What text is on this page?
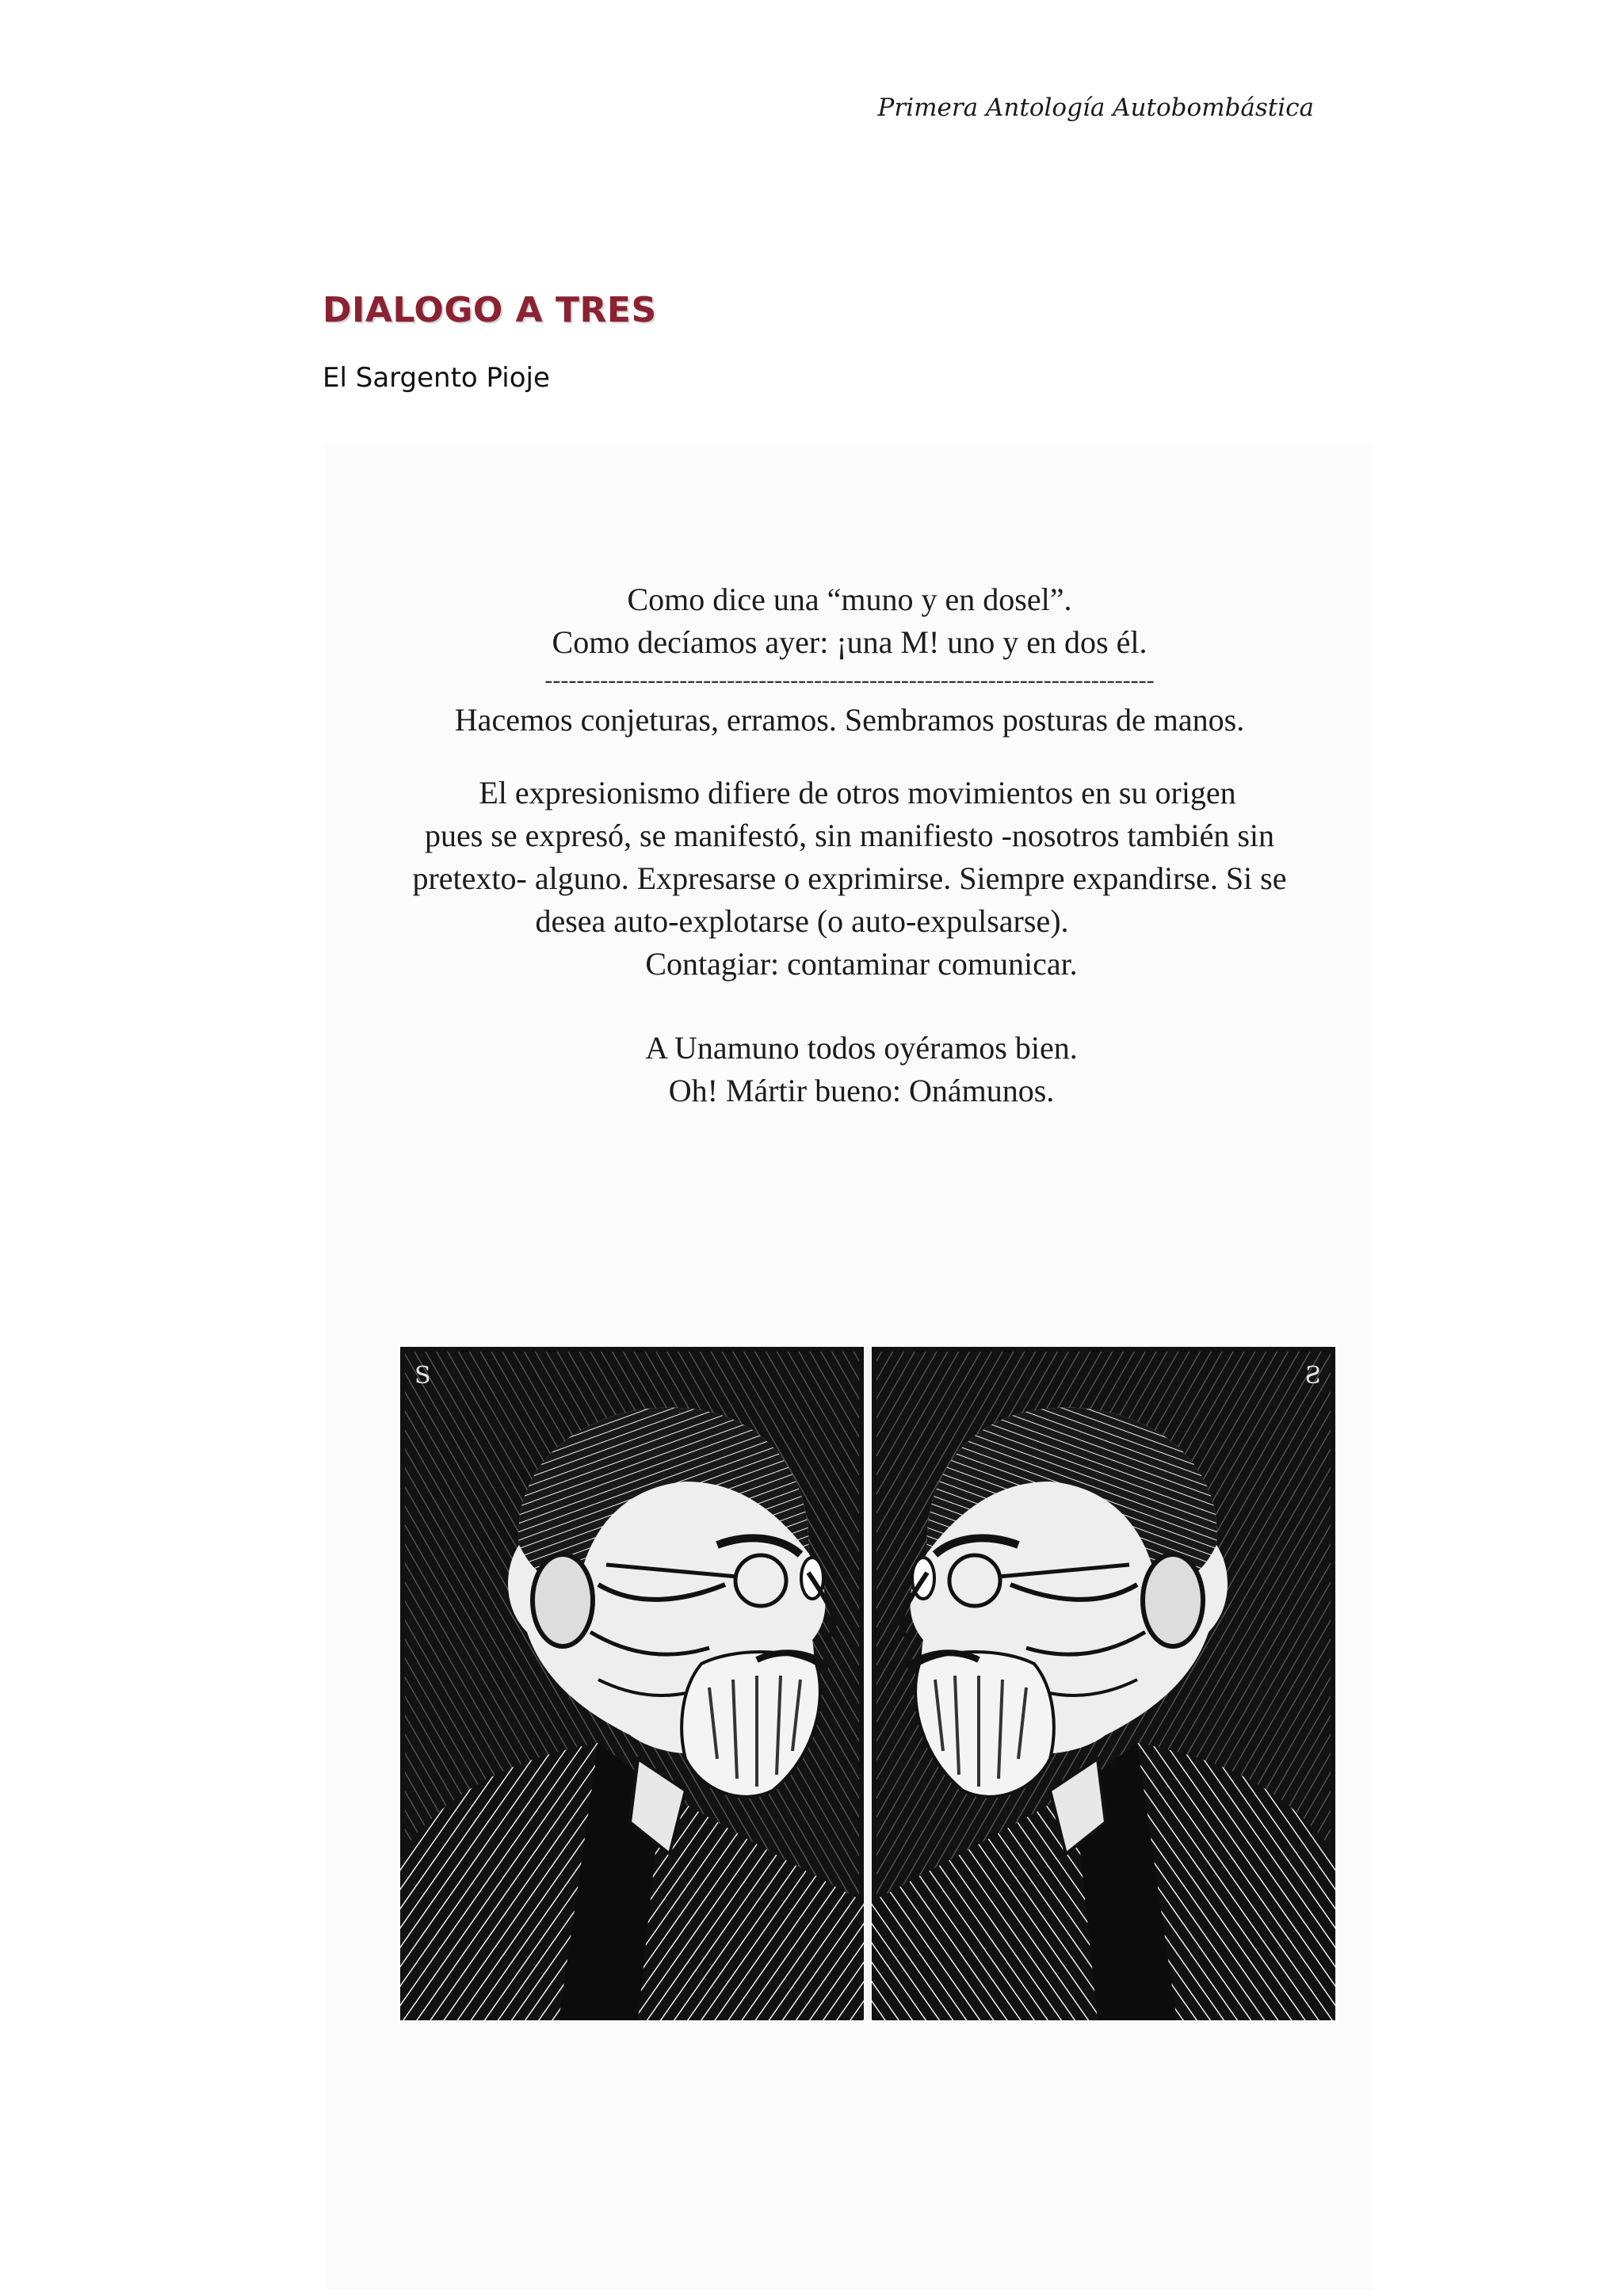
Primera Antología Autobombástica
DIALOGO A TRES
El Sargento Pioje

Como dice una “muno y en dosel”.

Como decíamos ayer: ¡una M! uno y en dos él.

-----------------------------------------------------------------------------

Hacemos conjeturas, erramos. Sembramos posturas de manos.

El expresionismo difiere de otros movimientos en su origen

pues se expresó, se manifestó, sin manifiesto -nosotros también sin

pretexto- alguno. Expresarse o exprimirse. Siempre expandirse. Si se

desea auto-explotarse (o auto-expulsarse).

Contagiar: contaminar comunicar.

A Unamuno todos oyéramos bien.

Oh! Mártir bueno: Onámunos.
